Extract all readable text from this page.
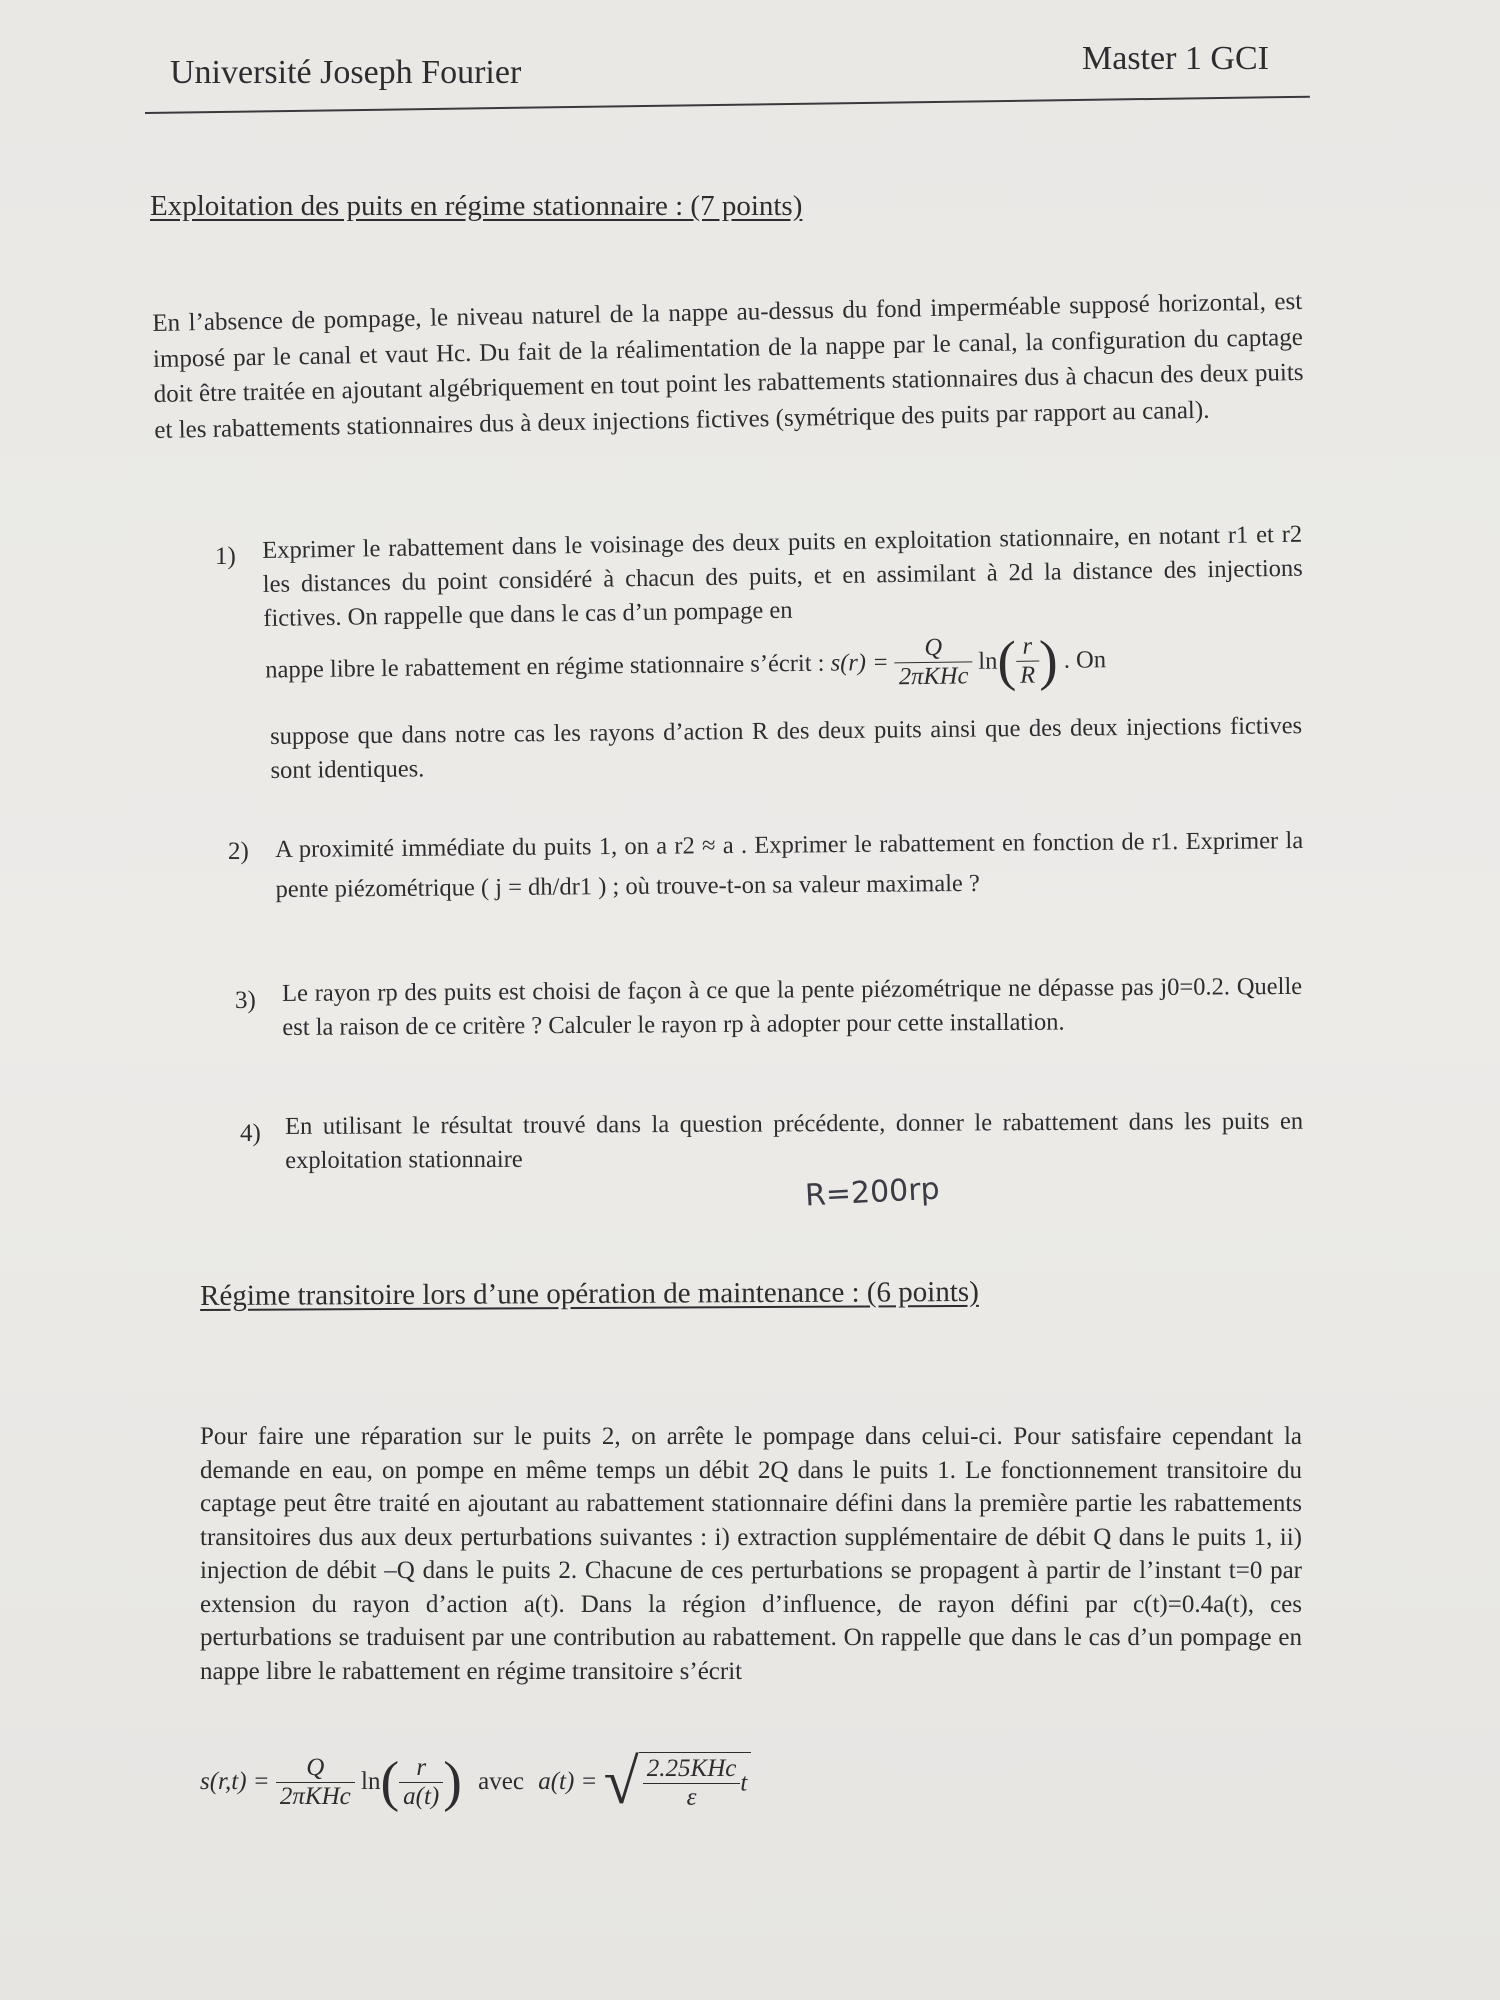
Université Joseph Fourier	Master 1 GCI
Exploitation des puits en régime stationnaire : (7 points)
En l’absence de pompage, le niveau naturel de la nappe au-dessus du fond imperméable supposé horizontal, est imposé par le canal et vaut Hc. Du fait de la réalimentation de la nappe par le canal, la configuration du captage doit être traitée en ajoutant algébriquement en tout point les rabattements stationnaires dus à chacun des deux puits et les rabattements stationnaires dus à deux injections fictives (symétrique des puits par rapport au canal).
1) Exprimer le rabattement dans le voisinage des deux puits en exploitation stationnaire, en notant r1 et r2 les distances du point considéré à chacun des puits, et en assimilant à 2d la distance des injections fictives. On rappelle que dans le cas d’un pompage en
nappe libre le rabattement en régime stationnaire s’écrit : $s(r) = \frac{Q}{\text{2πKHc}} \ln( \frac{r}{R}$ ) . On
suppose que dans notre cas les rayons d’action R des deux puits ainsi que des deux injections fictives sont identiques.
2) A proximité immédiate du puits 1, on a r2 ≈ a . Exprimer le rabattement en fonction de r1. Exprimer la pente piézométrique ( j = dh/dr1 ) ; où trouve-t-on sa valeur maximale ?
3) Le rayon rp des puits est choisi de façon à ce que la pente piézométrique ne dépasse pas j0=0.2. Quelle est la raison de ce critère ? Calculer le rayon rp à adopter pour cette installation.
4) En utilisant le résultat trouvé dans la question précédente, donner le rabattement dans les puits en exploitation stationnaire
R=200rp
Régime transitoire lors d’une opération de maintenance : (6 points)
Pour faire une réparation sur le puits 2, on arrête le pompage dans celui-ci. Pour satisfaire cependant la demande en eau, on pompe en même temps un débit 2Q dans le puits 1. Le fonctionnement transitoire du captage peut être traité en ajoutant au rabattement stationnaire défini dans la première partie les rabattements transitoires dus aux deux perturbations suivantes : i) extraction supplémentaire de débit Q dans le puits 1, ii) injection de débit –Q dans le puits 2. Chacune de ces perturbations se propagent à partir de l’instant t=0 par extension du rayon d’action a(t). Dans la région d’influence, de rayon défini par c(t)=0.4a(t), ces perturbations se traduisent par une contribution au rabattement. On rappelle que dans le cas d’un pompage en nappe libre le rabattement en régime transitoire s’écrit
$s(r,t) = \frac{Q}{\text{2πKHc}} \ln( \frac{r}{a(t)}$ ) avec a(t) = √ $\frac{\text{2.25KHc}}{\varepsilon}$ t
